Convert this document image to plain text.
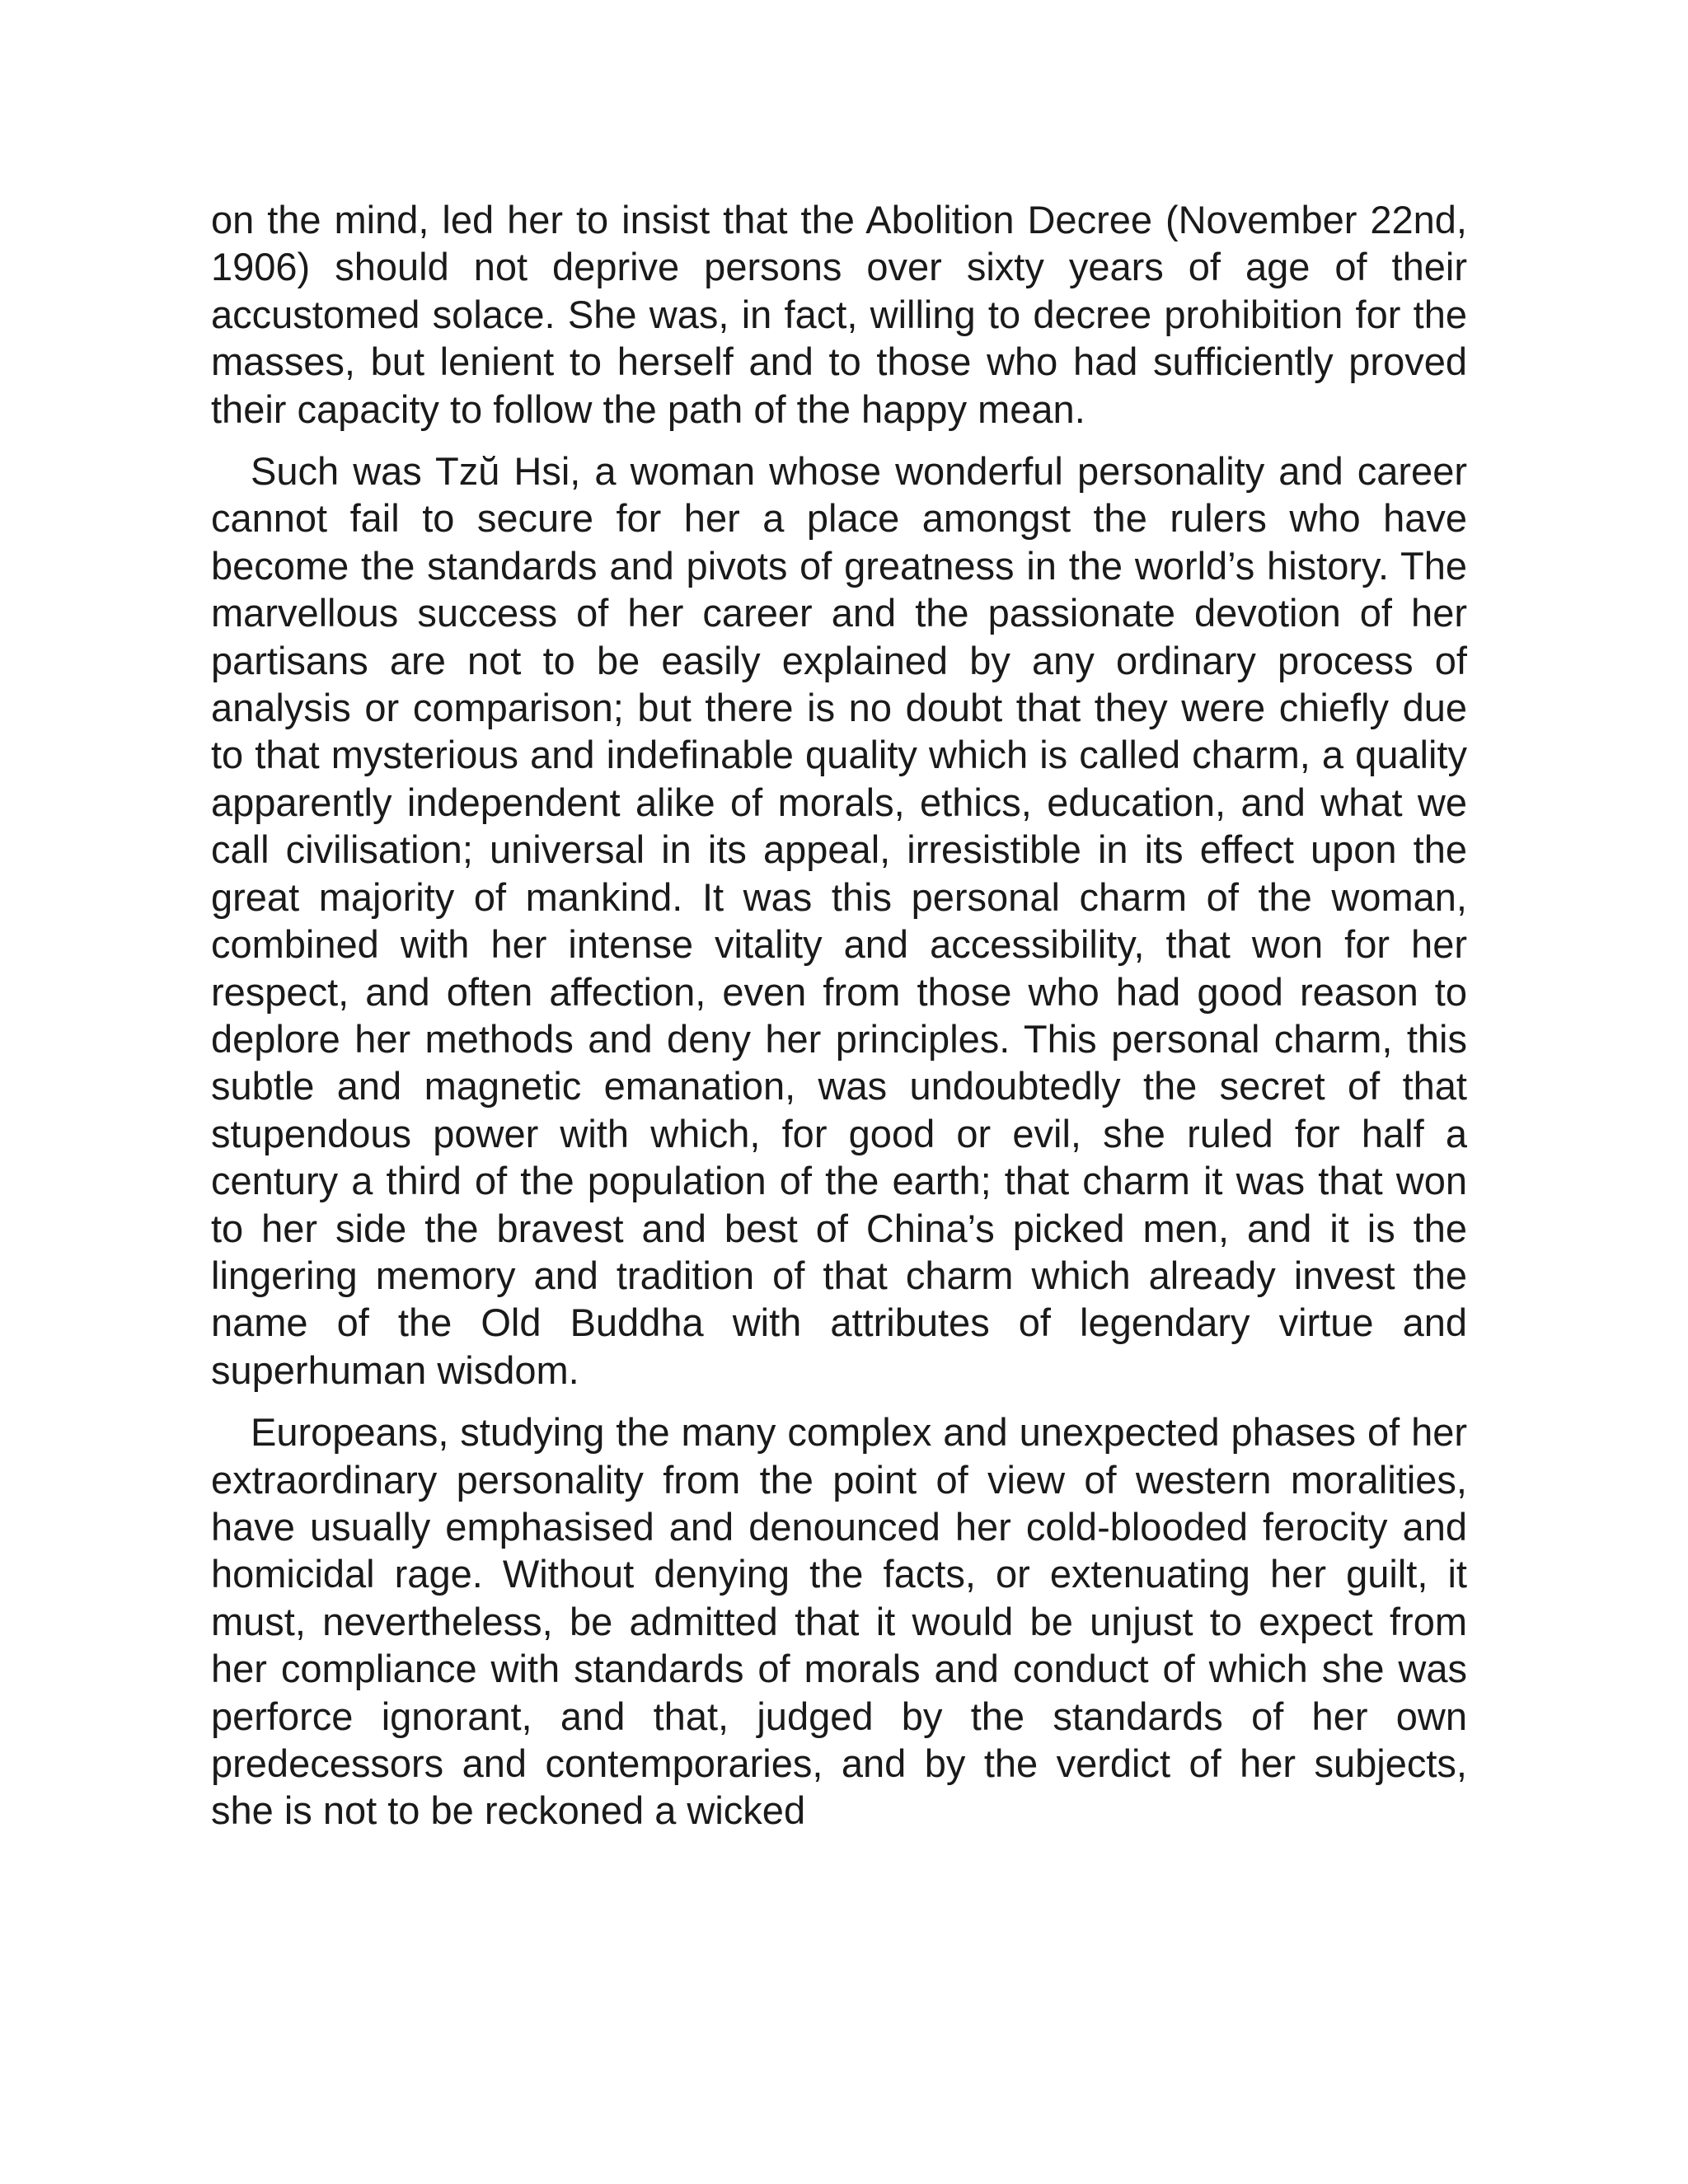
on the mind, led her to insist that the Abolition Decree (November 22nd, 1906) should not deprive persons over sixty years of age of their accustomed solace. She was, in fact, willing to decree prohibition for the masses, but lenient to herself and to those who had sufficiently proved their capacity to follow the path of the happy mean.

Such was Tzŭ Hsi, a woman whose wonderful personality and career cannot fail to secure for her a place amongst the rulers who have become the standards and pivots of greatness in the world’s history. The marvellous success of her career and the passionate devotion of her partisans are not to be easily explained by any ordinary process of analysis or comparison; but there is no doubt that they were chiefly due to that mysterious and indefinable quality which is called charm, a quality apparently independent alike of morals, ethics, education, and what we call civilisation; universal in its appeal, irresistible in its effect upon the great majority of mankind. It was this personal charm of the woman, combined with her intense vitality and accessibility, that won for her respect, and often affection, even from those who had good reason to deplore her methods and deny her principles. This personal charm, this subtle and magnetic emanation, was undoubtedly the secret of that stupendous power with which, for good or evil, she ruled for half a century a third of the population of the earth; that charm it was that won to her side the bravest and best of China’s picked men, and it is the lingering memory and tradition of that charm which already invest the name of the Old Buddha with attributes of legendary virtue and superhuman wisdom.

Europeans, studying the many complex and unexpected phases of her extraordinary personality from the point of view of western moralities, have usually emphasised and denounced her cold-blooded ferocity and homicidal rage. Without denying the facts, or extenuating her guilt, it must, nevertheless, be admitted that it would be unjust to expect from her compliance with standards of morals and conduct of which she was perforce ignorant, and that, judged by the standards of her own predecessors and contemporaries, and by the verdict of her subjects, she is not to be reckoned a wicked
